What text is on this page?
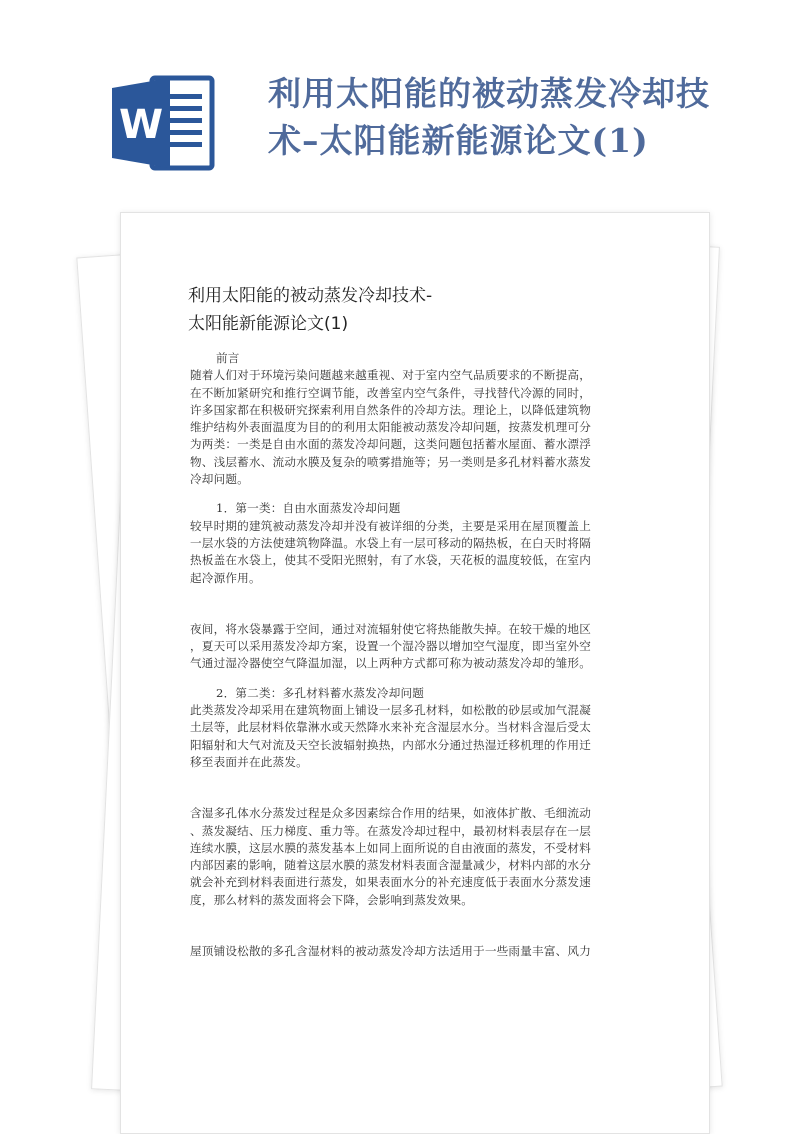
W
利用太阳能的被动蒸发冷却技
术–太阳能新能源论文(1)
利用太阳能的被动蒸发冷却技术-
太阳能新能源论文(1)

前言

随着人们对于环境污染问题越来越重视、对于室内空气品质要求的不断提高，

在不断加紧研究和推行空调节能，改善室内空气条件，寻找替代冷源的同时，

许多国家都在积极研究探索利用自然条件的冷却方法。理论上，以降低建筑物

维护结构外表面温度为目的的利用太阳能被动蒸发冷却问题，按蒸发机理可分

为两类：一类是自由水面的蒸发冷却问题，这类问题包括蓄水屋面、蓄水漂浮

物、浅层蓄水、流动水膜及复杂的喷雾措施等；另一类则是多孔材料蓄水蒸发

冷却问题。

1．第一类：自由水面蒸发冷却问题

较早时期的建筑被动蒸发冷却并没有被详细的分类，主要是采用在屋顶覆盖上

一层水袋的方法使建筑物降温。水袋上有一层可移动的隔热板，在白天时将隔

热板盖在水袋上，使其不受阳光照射，有了水袋，天花板的温度较低，在室内

起冷源作用。

夜间，将水袋暴露于空间，通过对流辐射使它将热能散失掉。在较干燥的地区

，夏天可以采用蒸发冷却方案，设置一个湿冷器以增加空气湿度，即当室外空

气通过湿冷器使空气降温加湿，以上两种方式都可称为被动蒸发冷却的雏形。

2．第二类：多孔材料蓄水蒸发冷却问题

此类蒸发冷却采用在建筑物面上铺设一层多孔材料，如松散的砂层或加气混凝

土层等，此层材料依靠淋水或天然降水来补充含湿层水分。当材料含湿后受太

阳辐射和大气对流及天空长波辐射换热，内部水分通过热湿迁移机理的作用迁

移至表面并在此蒸发。

含湿多孔体水分蒸发过程是众多因素综合作用的结果，如液体扩散、毛细流动

、蒸发凝结、压力梯度、重力等。在蒸发冷却过程中，最初材料表层存在一层

连续水膜，这层水膜的蒸发基本上如同上面所说的自由液面的蒸发，不受材料

内部因素的影响，随着这层水膜的蒸发材料表面含湿量减少，材料内部的水分

就会补充到材料表面进行蒸发，如果表面水分的补充速度低于表面水分蒸发速

度，那么材料的蒸发面将会下降，会影响到蒸发效果。

屋顶铺设松散的多孔含湿材料的被动蒸发冷却方法适用于一些雨量丰富、风力
